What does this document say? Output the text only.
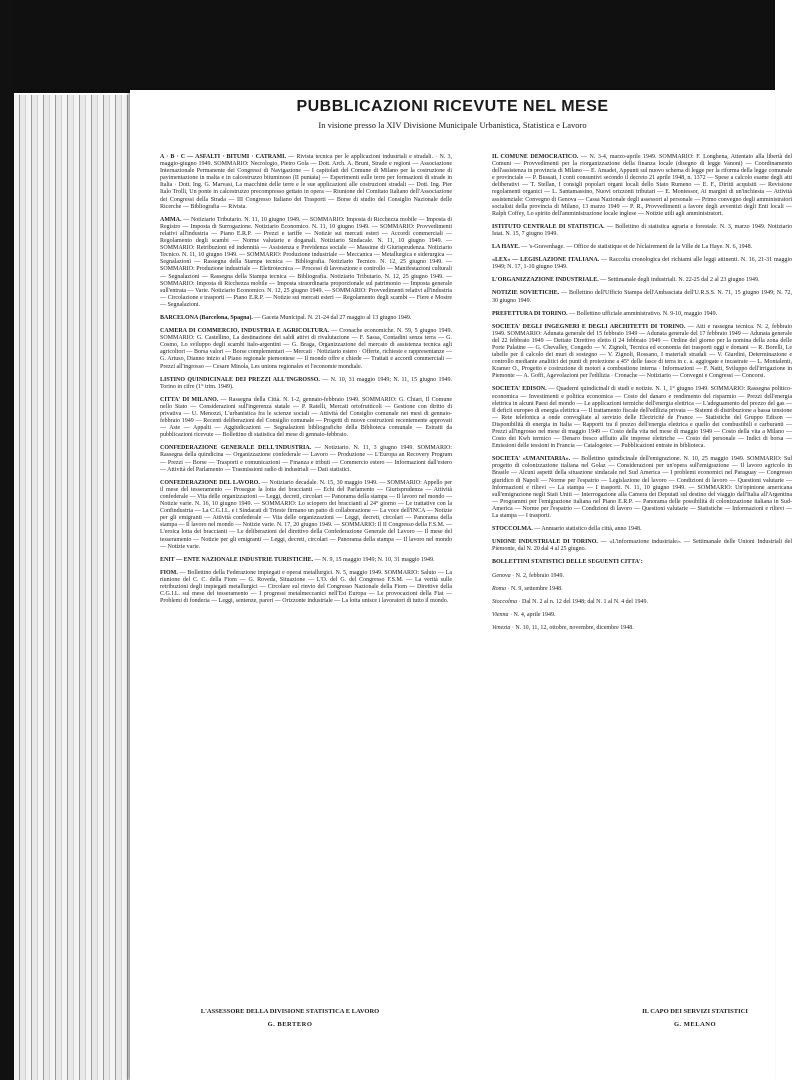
PUBBLICAZIONI RICEVUTE NEL MESE
In visione presso la XIV Divisione Municipale Urbanistica, Statistica e Lavoro
A · B · C — ASFALTI · BITUMI · CATRAMI. — Rivista tecnica per le applicazioni industriali e stradali. · N. 3, maggio-giugno 1949. SOMMARIO: Necrologio, Pietro Gola — Dott. Arch. A. Bruni, Strade e regioni — Associazione Internazionale Permanente dei Congressi di Navigazione — I capitolati del Comune di Milano per la costruzione di pavimentazione in malta e in calcestruzzo bituminoso (II puntata) — Esperimenti sulle terre per formazioni di strade in Italia · Dott. Ing. G. Marvasi, La macchine delle terre e le sue applicazioni alle costruzioni stradali — Dott. Ing. Pier Italo Trolli, Un ponte in calcestruzzo precompresso gettato in opera — Riunione del Comitato Italiano dell'Associazione dei Congressi della Strada — III Congresso Italiano dei Trasporti — Borse di studio del Consiglio Nazionale delle Ricerche — Bibliografia — Rivista.
AMMA. — Notiziario Tributario. N. 11, 10 giugno 1949. — SOMMARIO: Imposta di Ricchezza mobile — Imposta di Registro — Imposta di Surrogazione. Notiziario Economico. N. 11, 10 giugno 1949. — SOMMARIO: Provvedimenti relativi all'industria — Piano E.R.P. — Prezzi e tariffe — Notizie sui mercati esteri — Accordi commerciali — Regolamento degli scambi — Norme valutarie e doganali. Notiziario Sindacale. N. 11, 10 giugno 1949. — SOMMARIO: Retribuzioni ed indennità — Assistenza e Previdenza sociale — Massime di Giurisprudenza. Notiziario Tecnico. N. 11, 10 giugno 1949. — SOMMARIO: Produzione industriale — Meccanica — Metallurgica e siderurgica — Segnalazioni — Rassegna della Stampa tecnica — Bibliografia. Notiziario Tecnico. N. 12, 25 giugno 1949. — SOMMARIO: Produzione industriale — Elettrotecnica — Processi di lavorazione e controllo — Manifestazioni culturali — Segnalazioni — Rassegna della Stampa tecnica — Bibliografia. Notiziario Tributario. N. 12, 25 giugno 1949. — SOMMARIO: Imposta di Ricchezza mobile — Imposta straordinaria proporzionale sul patrimonio — Imposta generale sull'entrata — Varie. Notiziario Economico. N. 12, 25 giugno 1949. — SOMMARIO: Provvedimenti relativi all'industria — Circolazione e trasporti — Piano E.R.P. — Notizie sui mercati esteri — Regolamento degli scambi — Fiere e Mostre — Segnalazioni.
BARCELONA (Barcelona, Spagna). — Gaceta Municipal. N. 21-24 dal 27 maggio al 13 giugno 1949.
CAMERA DI COMMERCIO, INDUSTRIA E AGRICOLTURA. — Cronache economiche. N. 59, 5 giugno 1949. SOMMARIO: G. Castellino, La destinazione dei saldi attivi di rivalutazione — F. Sassa, Contadini senza terra — G. Cosmo, Lo sviluppo degli scambi italo-argentini — G. Braga, Organizzazione del mercato di assistenza tecnica agli agricoltori — Borsa valori — Borse complementari — Mercati · Notiziario estero · Offerte, richieste e rappresentanze — G. Artuso, Dianno inizio al Piano regionale piemontese — Il mondo offre e chiede — Trattati e accordi commerciali — Prezzi all'ingrosso — Cesare Minola, Les unions regionales et l'economie mondiale.
LISTINO QUINDICINALE DEI PREZZI ALL'INGROSSO. — N. 10, 31 maggio 1949; N. 11, 15 giugno 1949. Torino in cifre (1° trim. 1949).
CITTA' DI MILANO. — Rassegna della Città. N. 1-2, gennaio-febbraio 1949. SOMMARIO: G. Chiari, Il Comune nello Stato — Considerazioni sull'ingerenza statale — P. Ratelli, Mercati ortofrutticoli — Gestione con diritto di privativa — U. Menozzi, L'urbanistica fra le scienze sociali — Attività del Consiglio comunale nei mesi di gennaio-febbraio 1949 — Recenti deliberazioni del Consiglio comunale — Progetti di nuove costruzioni recentemente approvati — Aste — Appalti — Aggiudicazioni — Segnalazioni bibliografiche della Biblioteca comunale — Estratti da pubblicazioni ricevute — Bollettino di statistica del mese di gennaio-febbraio.
CONFEDERAZIONE GENERALE DELL'INDUSTRIA. — Notiziario. N. 11, 3 giugno 1949. SOMMARIO: Rassegna della quindicina — Organizzazione confederale — Lavoro — Produzione — L'Europa an Recovery Program — Prezzi — Borse — Trasporti e comunicazioni — Finanza e tributi — Commercio estero — Informazioni dall'estero — Attività del Parlamento — Trasmissioni radio di industriali — Dati statistici.
CONFEDERAZIONE DEL LAVORO. — Notiziario decadale. N. 15, 30 maggio 1949. — SOMMARIO: Appello per il mese del tesseramento — Prosegue la lotta dei braccianti — Echi del Parlamento — Giurisprudenza — Attività confederale — Vita delle organizzazioni — Leggi, decreti, circolari — Panorama della stampa — Il lavoro nel mondo — Notizie varie. N. 16, 10 giugno 1949. — SOMMARIO: Lo sciopero dei braccianti al 24° giorno — Le trattative con la Confindustria — La C.G.I.L. e i Sindacati di Trieste firmano un patto di collaborazione — La voce dell'INCA — Notizie per gli emigranti — Attività confederale — Vita delle organizzazioni — Leggi, decreti, circolari — Panorama della stampa — Il lavoro nel mondo — Notizie varie. N. 17, 20 giugno 1949. — SOMMARIO: Il II Congresso della F.S.M. — L'eroica lotta dei braccianti — Le deliberazioni del direttivo della Confederazione Generale del Lavoro — Il mese del tesseramento — Notizie per gli emigranti — Leggi, decreti, circolari — Panorama della stampa — Il lavoro nel mondo — Notizie varie.
ENIT — ENTE NAZIONALE INDUSTRIE TURISTICHE. — N. 9, 15 maggio 1949; N. 10, 31 maggio 1949.
FIOM. — Bollettino della Federazione impiegati e operai metallurgici. N. 5, maggio 1949. SOMMARIO: Saluto — La riunione del C. C. della Fiom — G. Roveda, Situazione — L'O. del G. del Congresso F.S.M. — La verità sulle retribuzioni degli impiegati metallurgici — Circolare sul rinvio del Congresso Nazionale della Fiom — Direttive della C.G.I.L. sul mese del tesseramento — I progressi metalmeccanici nell'Est Europa — Le provocazioni della Fiat — Problemi di fonderia — Leggi, sentenze, pareri — Orizzonte industriale — La lotta unisce i lavoratori di tutto il mondo.
IL COMUNE DEMOCRATICO. — N. 3-4, marzo-aprile 1949. SOMMARIO: F. Longhena, Attentato alla libertà del Comuni — Provvedimenti per la riorganizzazione della finanza locale (disegno di legge Vanoni) — Coordinamento dell'assistenza in provincia di Milano — E. Amadei, Appunti sul nuovo schema di legge per la riforma della legge comunale e provinciale — P. Bussati, I conti consuntivi secondo il decreto 21 aprile 1948, n. 1372 — Spese a calcolo esame degli atti deliberativi — T. Stellan, I consigli popolari organi locali dello Stato Rumeno — E. F., Diritti acquisiti — Revisione regolamenti organici — L. Santamassino, Nuovi orizzonti tributari — E. Montessor, Ai margini di un'inchiesta — Attività assistenziale: Convegno di Genova — Cassa Nazionale degli assessori al personale — Primo convegno degli amministratori socialisti della provincia di Milano, 13 marzo 1949 — P. R., Provvedimenti a favore degli avventizi degli Enti locali — Ralph Coffey, Lo spirito dell'amministrazione locale inglese — Notizie utili agli amministratori.
ISTITUTO CENTRALE DI STATISTICA. — Bollettino di statistica agraria e forestale. N. 3, marzo 1949. Notiziario Istat. N. 15, 7 giugno 1949.
LA HAYE. — 's-Gravenhage. — Office de statistique et de l'éclairement de la Ville de La Haye. N. 6, 1948.
«LEX» — LEGISLAZIONE ITALIANA. — Raccolta cronologica dei richiami alle leggi attinenti. N. 16, 21-31 maggio 1949; N. 17, 1-10 giugno 1949.
L'ORGANIZZAZIONE INDUSTRIALE. — Settimanale degli industriali. N. 22-25 dal 2 al 23 giugno 1949.
NOTIZIE SOVIETICHE. — Bollettino dell'Ufficio Stampa dell'Ambasciata dell'U.R.S.S. N. 71, 15 giugno 1949; N. 72, 30 giugno 1949.
PREFETTURA DI TORINO. — Bollettino ufficiale amministrativo. N. 9-10, maggio 1949.
SOCIETA' DEGLI INGEGNERI E DEGLI ARCHITETTI DI TORINO. — Atti e rassegna tecnica. N. 2, febbraio 1949. SOMMARIO: Adunata generale del 15 febbraio 1949 — Adunata generale del 17 febbraio 1949 — Adunata generale del 22 febbraio 1949 — Dettato Direttivo eletto il 24 febbraio 1949 — Ordine del giorno per la nomina della zona delle Porte Palatine — G. Chevalley, Congedo — V. Zignoli, Tecnica ed economia dei trasporti oggi e domani — R. Borelli, Le tabelle per il calcolo dei muri di sostegno — V. Zignoli, Rossano, I materiali stradali — V. Giardini, Determinazione e controllo mediante analitici dei punti di proiezione a 45° delle fasce di terra in c. a. aggiogate e incastrate — L. Montalenti, Kramer O., Progetto e costruzione di motori a combustione interna · Informazioni — F. Natti, Sviluppo dell'irrigazione in Piemonte — A. Goffi, Agevolazioni per l'edilizia · Cronache — Notiziario — Convegni e Congressi — Concorsi.
SOCIETA' EDISON. — Quaderni quindicinali di studi e notizie. N. 1, 1° giugno 1949. SOMMARIO: Rassegna politico-economica — Investimenti e politica economica — Costo del danaro e rendimento del risparmio — Prezzi dell'energia elettrica in alcuni Paesi del mondo — Le applicazioni termiche dell'energia elettrica — L'adeguamento del prezzo del gas — Il deficit europeo di energia elettrica — Il trattamento fiscale dell'edilizia privata — Sistemi di distribuzione a bassa tensione — Rete telefonica a onde convogliate al servizio delle Electricité de France — Statistiche del Gruppo Edison — Disponibilità di energia in Italia — Rapporti tra il prezzo dell'energia elettrica e quello dei combustibili e carburanti — Prezzi all'ingrosso nel mese di maggio 1949 — Costo della vita nel mese di maggio 1949 — Costo della vita a Milano — Costo dei Kwh termico — Denaro fresco affluito alle imprese elettriche — Costo del personale — Indici di borsa — Emissioni delle tessioni in Francia — Catalogotec — Pubblicazioni entrate in biblioteca.
SOCIETA' «UMANITARIA». — Bollettino quindicinale dell'emigrazione. N. 10, 25 maggio 1949. SOMMARIO: Sul progetto di colonizzazione italiana nel Golaz — Considerazioni per un'opera sull'emigrazione — Il lavoro agricolo in Brasile — Alcuni aspetti della situazione sindacale nel Sud America — I problemi economici nel Paraguay — Congresso giuridico di Napoli — Norme per l'espatrio — Legislazione del lavoro — Condizioni di lavoro — Questioni valutarie — Informazioni e rilievi — La stampa — I trasporti. N. 11, 10 giugno 1949. — SOMMARIO: Un'opinione americana sull'emigrazione negli Stati Uniti — Interrogazione alla Camera dei Deputati sul destino del viaggio dall'Italia all'Argentina — Programmi per l'emigrazione italiana nel Piano E.R.P. — Panorama delle possibilità di colonizzazione italiana in Sud-America — Norme per l'espatrio — Condizioni di lavoro — Questioni valutarie — Statistiche — Informazioni e rilievi — La stampa — I trasporti.
STOCCOLMA. — Annuario statistico della città, anno 1948.
UNIONE INDUSTRIALE DI TORINO. — «L'informazione industriale». — Settimanale delle Unioni Industriali del Piemonte, dal N. 20 dal 4 al 25 giugno.
BOLLETTINI STATISTICI DELLE SEGUENTI CITTA':
Genova · N. 2, febbraio 1949.
Roma · N. 9, settembre 1948.
Stoccolma · Dal N. 2 al n. 12 del 1948; dal N. 1 al N. 4 del 1949.
Vienna · N. 4, aprile 1949.
Venezia · N. 10, 11, 12, ottobre, novembre, dicembre 1948.
L'ASSESSORE DELLA DIVISIONE STATISTICA E LAVORO
G. BERTERO
IL CAPO DEI SERVIZI STATISTICI
G. MELANO
